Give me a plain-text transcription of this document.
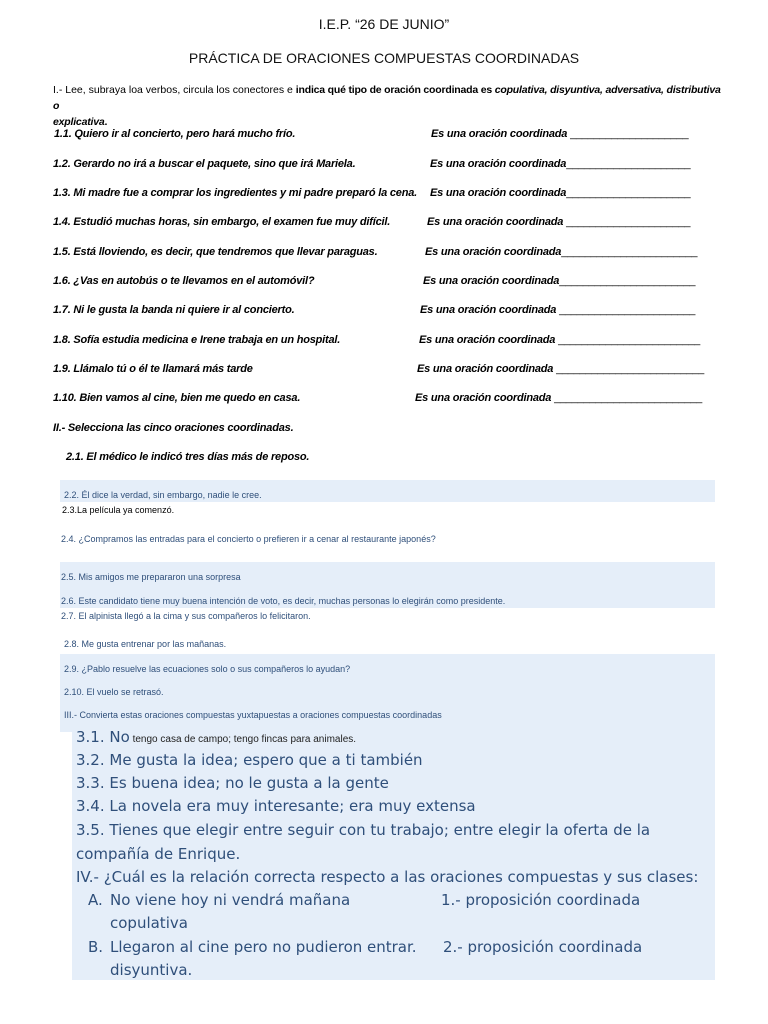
I.E.P. “26 DE JUNIO”
PRÁCTICA DE ORACIONES COMPUESTAS COORDINADAS
I.- Lee, subraya loa verbos, circula los conectores e indica qué tipo de oración coordinada es copulativa, disyuntiva, adversativa, distributiva o
explicativa.
1.1. Quiero ir al concierto, pero hará mucho frío.	Es una oración coordinada ____________________
1.2. Gerardo no irá a buscar el paquete, sino que irá Mariela.	Es una oración coordinada_____________________
1.3. Mi madre fue a comprar los ingredientes y mi padre preparó la cena. Es una oración coordinada_____________________
1.4. Estudió muchas horas, sin embargo, el examen fue muy difícil.	Es una oración coordinada _____________________
1.5. Está lloviendo, es decir, que tendremos que llevar paraguas.	Es una oración coordinada_______________________
1.6. ¿Vas en autobús o te llevamos en el automóvil?	Es una oración coordinada_______________________
1.7. Ni le gusta la banda ni quiere ir al concierto.	Es una oración coordinada _______________________
1.8. Sofía estudia medicina e Irene trabaja en un hospital.	Es una oración coordinada ________________________
1.9. Llámalo tú o él te llamará más tarde	Es una oración coordinada _________________________
1.10. Bien vamos al cine, bien me quedo en casa.	Es una oración coordinada _________________________
II.- Selecciona las cinco oraciones coordinadas.
2.1. El médico le indicó tres días más de reposo.
2.2. Él dice la verdad, sin embargo, nadie le cree.
2.3.La película ya comenzó.
2.4. ¿Compramos las entradas para el concierto o prefieren ir a cenar al restaurante japonés?
2.5. Mis amigos me prepararon una sorpresa
2.6. Este candidato tiene muy buena intención de voto, es decir, muchas personas lo elegirán como presidente.
2.7. El alpinista llegó a la cima y sus compañeros lo felicitaron.
2.8. Me gusta entrenar por las mañanas.
2.9. ¿Pablo resuelve las ecuaciones solo o sus compañeros lo ayudan?
2.10. El vuelo se retrasó.
III.- Convierta estas oraciones compuestas yuxtapuestas a oraciones compuestas coordinadas
3.1. No tengo casa de campo; tengo fincas para animales.
3.2. Me gusta la idea; espero que a ti también
3.3. Es buena idea; no le gusta a la gente
3.4. La novela era muy interesante; era muy extensa
3.5. Tienes que elegir entre seguir con tu trabajo; entre elegir la oferta de la
compañía de Enrique.
IV.- ¿Cuál es la relación correcta respecto a las oraciones compuestas y sus clases:
A. No viene hoy ni vendrá mañana	1.- proposición coordinada
copulativa
B. Llegaron al cine pero no pudieron entrar. 2.- proposición coordinada
disyuntiva.
